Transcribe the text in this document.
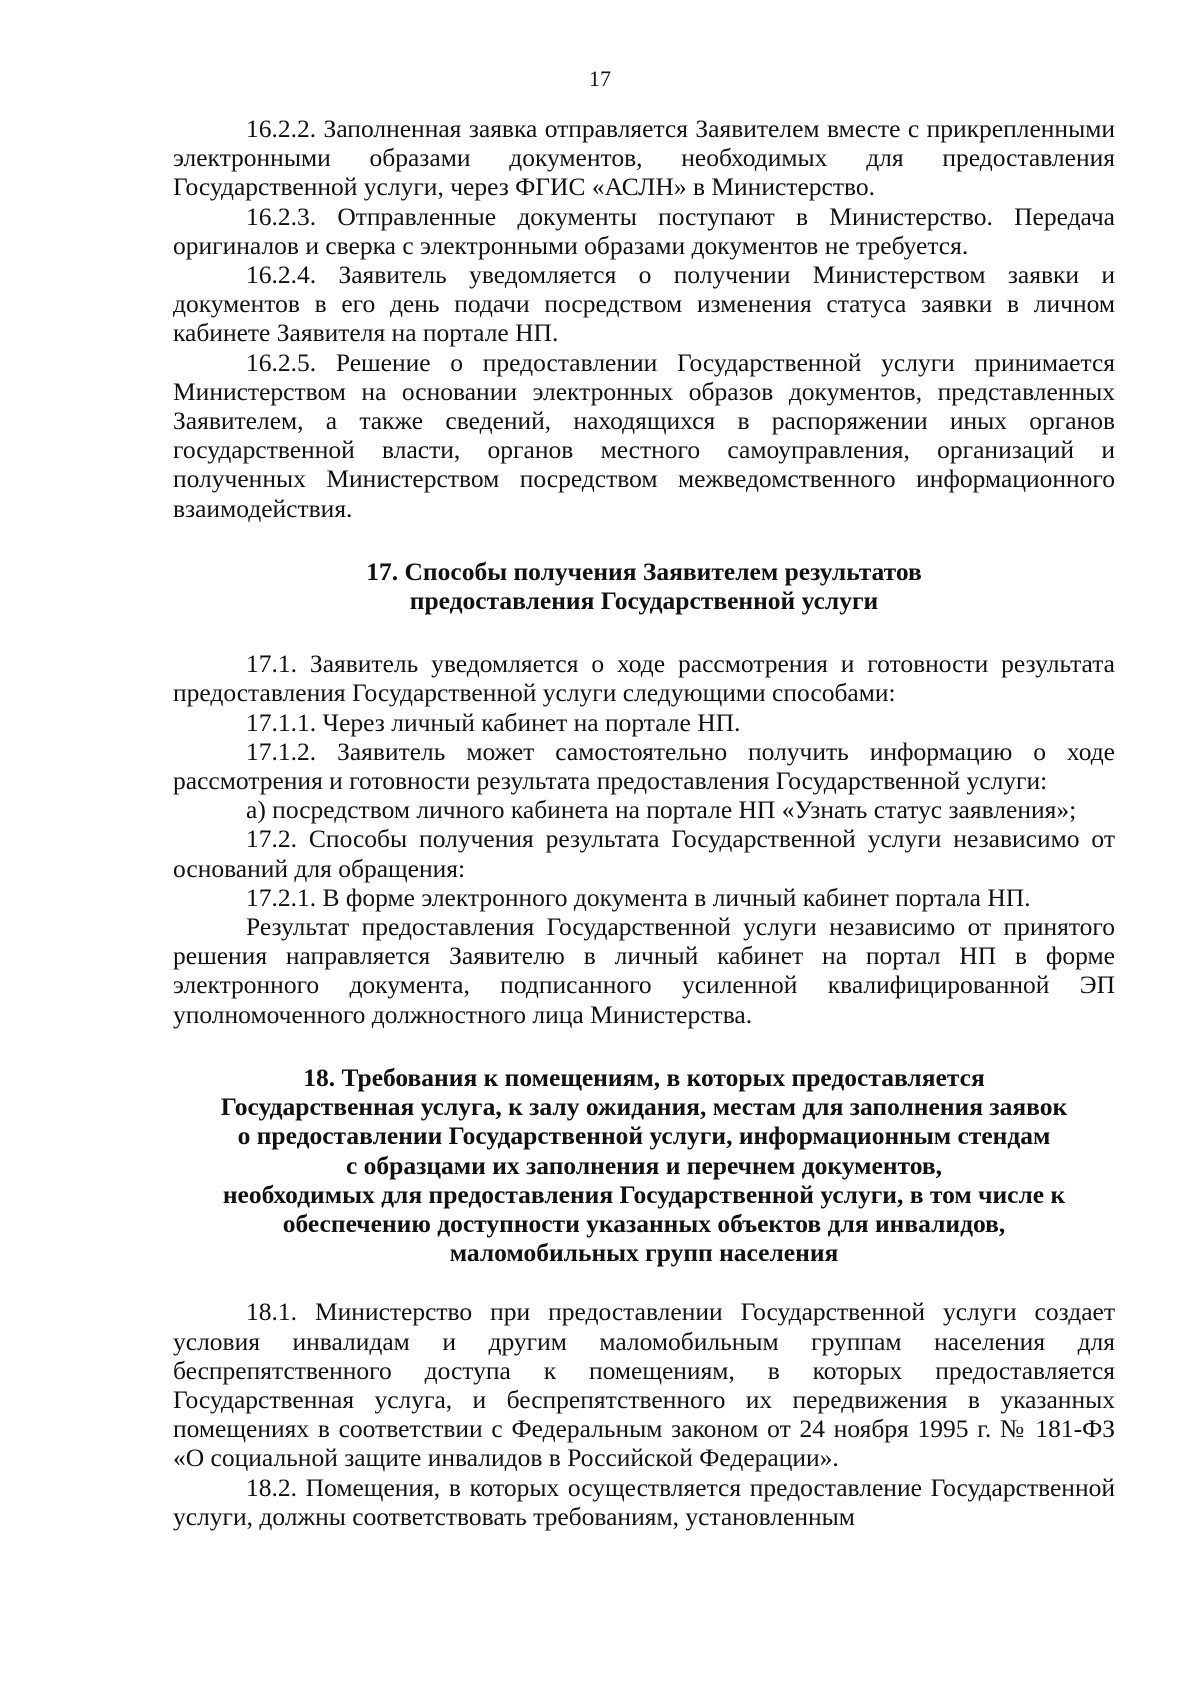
17

16.2.2. Заполненная заявка отправляется Заявителем вместе с прикрепленными электронными образами документов, необходимых для предоставления Государственной услуги, через ФГИС «АСЛН» в Министерство.

16.2.3. Отправленные документы поступают в Министерство. Передача оригиналов и сверка с электронными образами документов не требуется.

16.2.4. Заявитель уведомляется о получении Министерством заявки и документов в его день подачи посредством изменения статуса заявки в личном кабинете Заявителя на портале НП.

16.2.5. Решение о предоставлении Государственной услуги принимается Министерством на основании электронных образов документов, представленных Заявителем, а также сведений, находящихся в распоряжении иных органов государственной власти, органов местного самоуправления, организаций и полученных Министерством посредством межведомственного информационного взаимодействия.

17. Способы получения Заявителем результатов
предоставления Государственной услуги

17.1. Заявитель уведомляется о ходе рассмотрения и готовности результата предоставления Государственной услуги следующими способами:

17.1.1. Через личный кабинет на портале НП.

17.1.2. Заявитель может самостоятельно получить информацию о ходе рассмотрения и готовности результата предоставления Государственной услуги:

а) посредством личного кабинета на портале НП «Узнать статус заявления»;

17.2. Способы получения результата Государственной услуги независимо от оснований для обращения:

17.2.1. В форме электронного документа в личный кабинет портала НП.

Результат предоставления Государственной услуги независимо от принятого решения направляется Заявителю в личный кабинет на портал НП в форме электронного документа, подписанного усиленной квалифицированной ЭП уполномоченного должностного лица Министерства.

18. Требования к помещениям, в которых предоставляется
Государственная услуга, к залу ожидания, местам для заполнения заявок
о предоставлении Государственной услуги, информационным стендам
с образцами их заполнения и перечнем документов,
необходимых для предоставления Государственной услуги, в том числе к
обеспечению доступности указанных объектов для инвалидов,
маломобильных групп населения

18.1. Министерство при предоставлении Государственной услуги создает условия инвалидам и другим маломобильным группам населения для беспрепятственного доступа к помещениям, в которых предоставляется Государственная услуга, и беспрепятственного их передвижения в указанных помещениях в соответствии с Федеральным законом от 24 ноября 1995 г. № 181-ФЗ «О социальной защите инвалидов в Российской Федерации».

18.2. Помещения, в которых осуществляется предоставление Государственной услуги, должны соответствовать требованиям, установленным
